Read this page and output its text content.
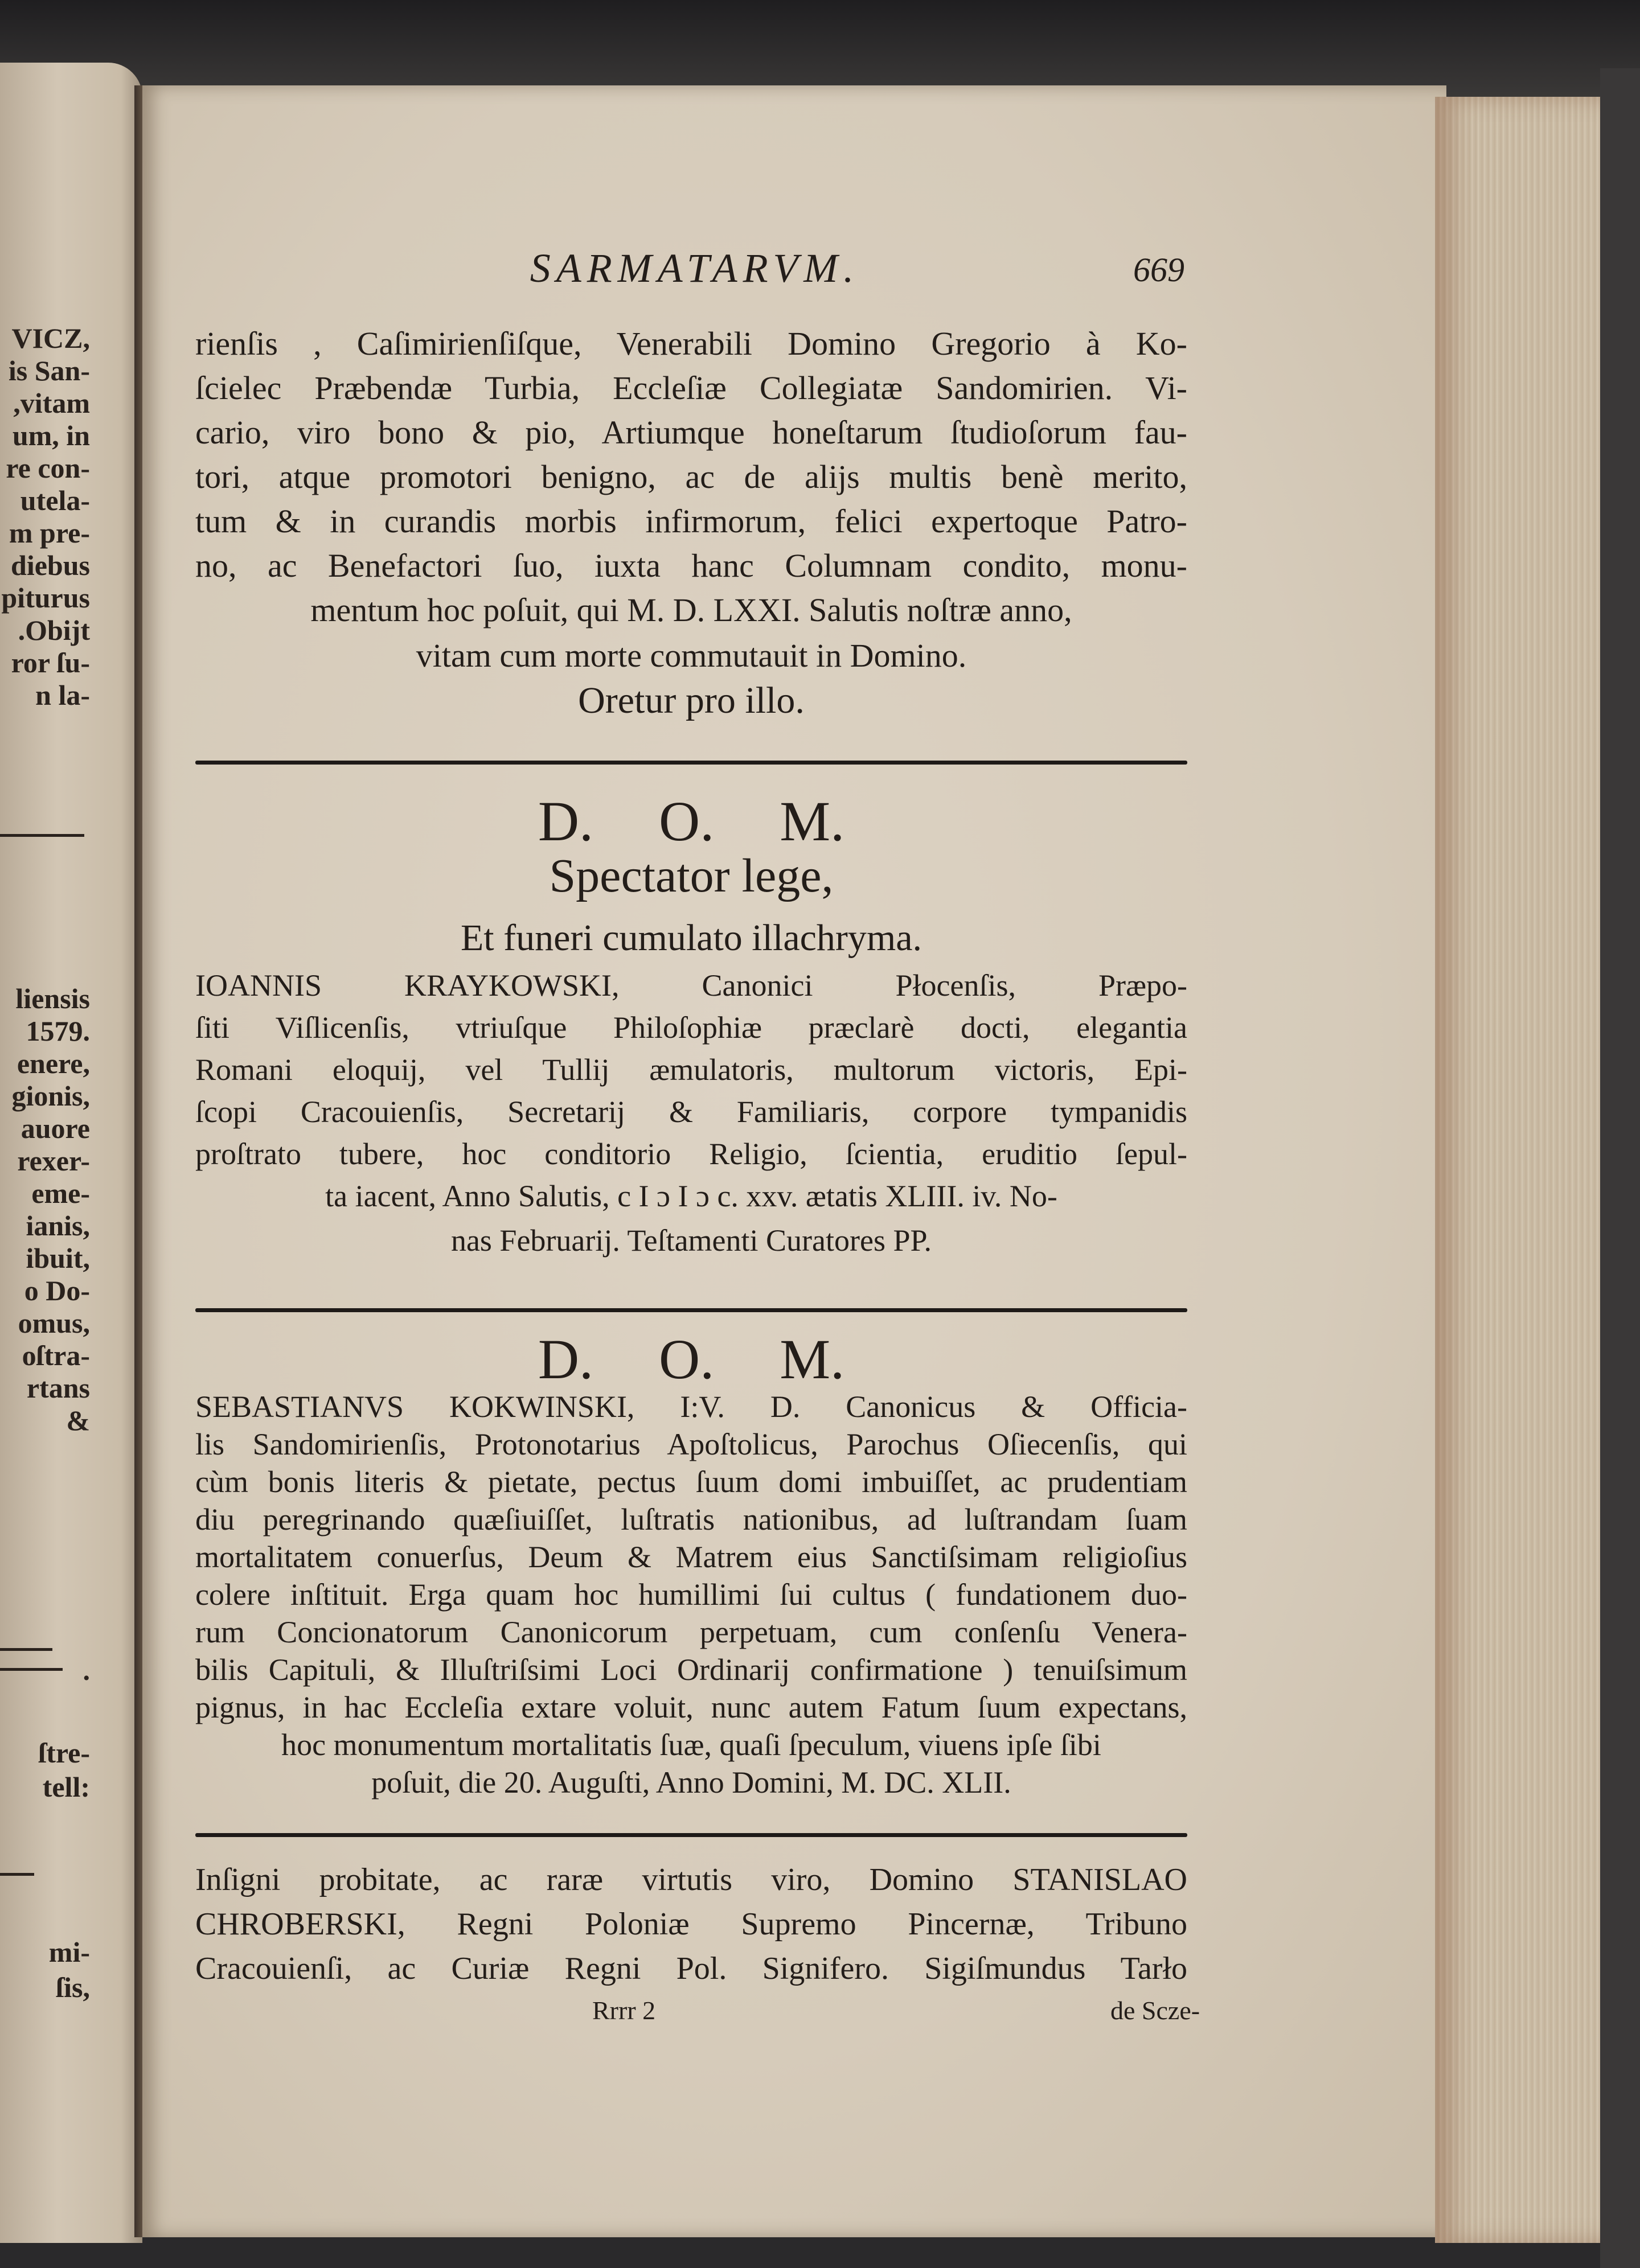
VICZ,
is San-
,vitam
um, in
re con-
utela-
m pre-
diebus
piturus
.Obijt
ror ſu-
n la-
liensis
1579.
enere,
gionis,
auore
rexer-
eme-
ianis,
ibuit,
o Do-
omus,
oſtra-
rtans
&
.
ſtre-
tell:
mi-
ſis,
SARMATARVM.	669
rienſis , Caſimirienſiſque, Venerabili Domino Gregorio à Ko-
ſcielec Præbendæ Turbia, Eccleſiæ Collegiatæ Sandomirien. Vi-
cario, viro bono & pio, Artiumque honeſtarum ſtudioſorum fau-
tori, atque promotori benigno, ac de alijs multis benè merito,
tum & in curandis morbis infirmorum, felici expertoque Patro-
no, ac Benefactori ſuo, iuxta hanc Columnam condito, monu-
mentum hoc poſuit, qui M. D. LXXI. Salutis noſtræ anno,
vitam cum morte commutauit in Domino.
Oretur pro illo.
D. O. M.
Spectator lege,
Et funeri cumulato illachryma.
IOANNIS KRAYKOWSKI, Canonici Płocenſis, Præpo-
ſiti Viſlicenſis, vtriuſque Philoſophiæ præclarè docti, elegantia
Romani eloquij, vel Tullij æmulatoris, multorum victoris, Epi-
ſcopi Cracouienſis, Secretarij & Familiaris, corpore tympanidis
proſtrato tubere, hoc conditorio Religio, ſcientia, eruditio ſepul-
ta iacent, Anno Salutis, c I ɔ I ɔ c. xxv. ætatis XLIII. iv. No-
nas Februarij. Teſtamenti Curatores PP.
D. O. M.
SEBASTIANVS KOKWINSKI, I:V. D. Canonicus & Officia-
lis Sandomirienſis, Protonotarius Apoſtolicus, Parochus Oſiecenſis, qui
cùm bonis literis & pietate, pectus ſuum domi imbuiſſet, ac prudentiam
diu peregrinando quæſiuiſſet, luſtratis nationibus, ad luſtrandam ſuam
mortalitatem conuerſus, Deum & Matrem eius Sanctiſsimam religioſius
colere inſtituit. Erga quam hoc humillimi ſui cultus ( fundationem duo-
rum Concionatorum Canonicorum perpetuam, cum conſenſu Venera-
bilis Capituli, & Illuſtriſsimi Loci Ordinarij confirmatione ) tenuiſsimum
pignus, in hac Eccleſia extare voluit, nunc autem Fatum ſuum expectans,
hoc monumentum mortalitatis ſuæ, quaſi ſpeculum, viuens ipſe ſibi
poſuit, die 20. Auguſti, Anno Domini, M. DC. XLII.
Inſigni probitate, ac raræ virtutis viro, Domino STANISLAO
CHROBERSKI, Regni Poloniæ Supremo Pincernæ, Tribuno
Cracouienſi, ac Curiæ Regni Pol. Signifero. Sigiſmundus Tarło
Rrrr 2	de Scze-
